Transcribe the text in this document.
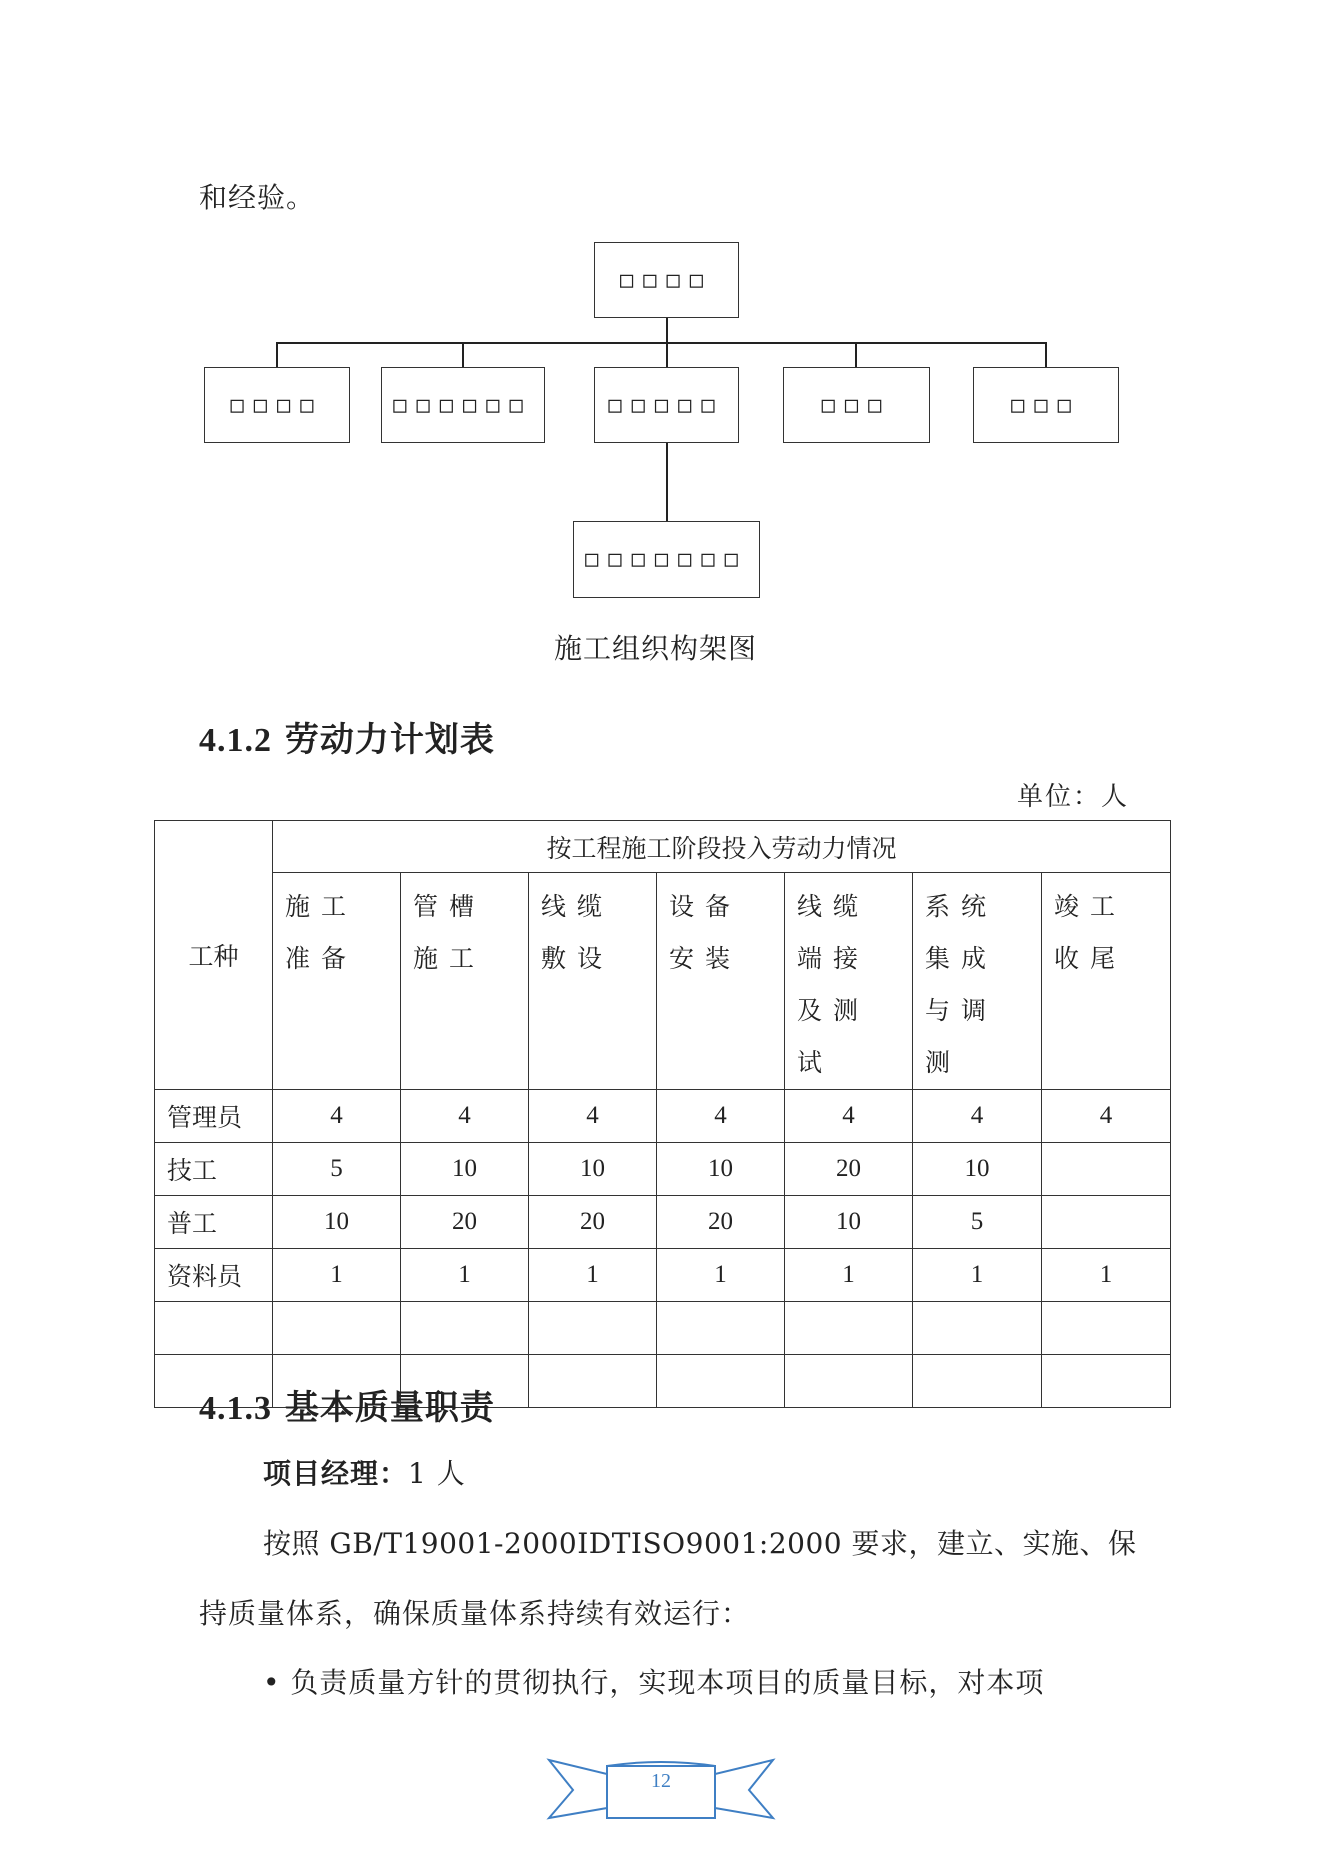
和经验。
□□□□
□□□□	□□□□□□	□□□□□	□□□	□□□
□□□□□□□
施工组织构架图
4.1.2 劳动力计划表
单位：人
工种	按工程施工阶段投入劳动力情况						
	施工准备	管槽施工	线缆敷设	设备安装	线缆端接及测试	系统集成与调测	竣工收尾
管理员	4	4	4	4	4	4	4
技工	5	10	10	10	20	10	
普工	10	20	20	20	10	5	
资料员	1	1	1	1	1	1	1

4.1.3 基本质量职责
项目经理：1 人
按照 GB/T19001-2000IDTISO9001:2000 要求，建立、实施、保
持质量体系，确保质量体系持续有效运行：
• 负责质量方针的贯彻执行，实现本项目的质量目标，对本项
12
